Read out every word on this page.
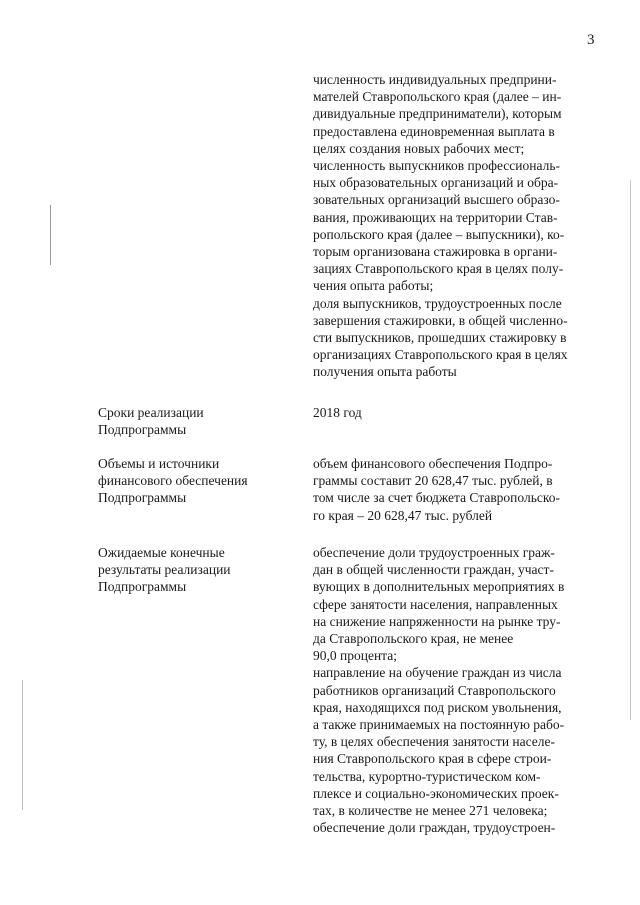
3
численность индивидуальных предприни-
мателей Ставропольского края (далее – ин-
дивидуальные предприниматели), которым
предоставлена единовременная выплата в
целях создания новых рабочих мест;
численность выпускников профессиональ-
ных образовательных организаций и обра-
зовательных организаций высшего образо-
вания, проживающих на территории Став-
ропольского края (далее – выпускники), ко-
торым организована стажировка в органи-
зациях Ставропольского края в целях полу-
чения опыта работы;
доля выпускников, трудоустроенных после
завершения стажировки, в общей численно-
сти выпускников, прошедших стажировку в
организациях Ставропольского края в целях
получения опыта работы
Сроки реализации
Подпрограммы
2018 год
Объемы и источники
финансового обеспечения
Подпрограммы
объем финансового обеспечения Подпро-
граммы составит 20 628,47 тыс. рублей, в
том числе за счет бюджета Ставропольско-
го края – 20 628,47 тыс. рублей
Ожидаемые конечные
результаты реализации
Подпрограммы
обеспечение доли трудоустроенных граж-
дан в общей численности граждан, участ-
вующих в дополнительных мероприятиях в
сфере занятости населения, направленных
на снижение напряженности на рынке тру-
да Ставропольского края, не менее
90,0 процента;
направление на обучение граждан из числа
работников организаций Ставропольского
края, находящихся под риском увольнения,
а также принимаемых на постоянную рабо-
ту, в целях обеспечения занятости населе-
ния Ставропольского края в сфере строи-
тельства, курортно-туристическом ком-
плексе и социально-экономических проек-
тах, в количестве не менее 271 человека;
обеспечение доли граждан, трудоустроен-
